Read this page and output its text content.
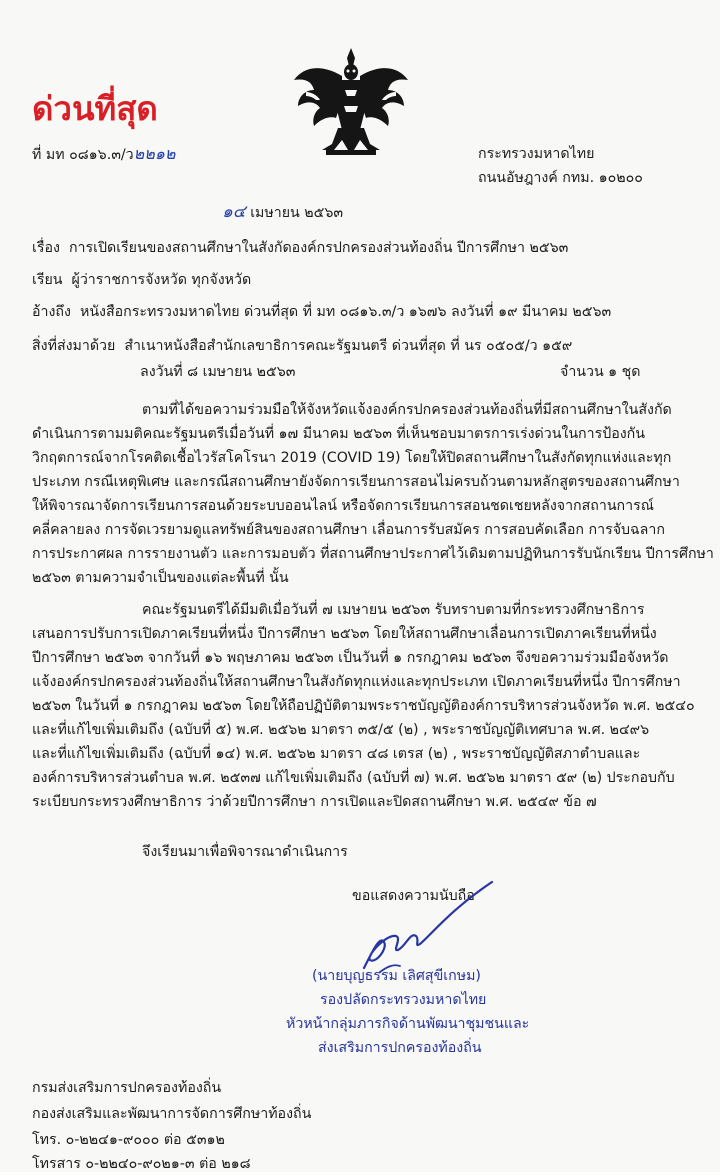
ด่วนที่สุด
ที่ มท ๐๘๑๖.๓/ว๒๒๑๒	กระทรวงมหาดไทย
ถนนอัษฎางค์ กทม. ๑๐๒๐๐
๑๔ เมษายน ๒๕๖๓
เรื่อง การเปิดเรียนของสถานศึกษาในสังกัดองค์กรปกครองส่วนท้องถิ่น ปีการศึกษา ๒๕๖๓
เรียน ผู้ว่าราชการจังหวัด ทุกจังหวัด
อ้างถึง หนังสือกระทรวงมหาดไทย ด่วนที่สุด ที่ มท ๐๘๑๖.๓/ว ๑๖๗๖ ลงวันที่ ๑๙ มีนาคม ๒๕๖๓
สิ่งที่ส่งมาด้วย สำเนาหนังสือสำนักเลขาธิการคณะรัฐมนตรี ด่วนที่สุด ที่ นร ๐๕๐๕/ว ๑๕๙
ลงวันที่ ๘ เมษายน ๒๕๖๓	จำนวน ๑ ชุด
ตามที่ได้ขอความร่วมมือให้จังหวัดแจ้งองค์กรปกครองส่วนท้องถิ่นที่มีสถานศึกษาในสังกัด
ดำเนินการตามมติคณะรัฐมนตรีเมื่อวันที่ ๑๗ มีนาคม ๒๕๖๓ ที่เห็นชอบมาตรการเร่งด่วนในการป้องกัน
วิกฤตการณ์จากโรคติดเชื้อไวรัสโคโรนา 2019 (COVID 19) โดยให้ปิดสถานศึกษาในสังกัดทุกแห่งและทุก
ประเภท กรณีเหตุพิเศษ และกรณีสถานศึกษายังจัดการเรียนการสอนไม่ครบถ้วนตามหลักสูตรของสถานศึกษา
ให้พิจารณาจัดการเรียนการสอนด้วยระบบออนไลน์ หรือจัดการเรียนการสอนชดเชยหลังจากสถานการณ์
คลี่คลายลง การจัดเวรยามดูแลทรัพย์สินของสถานศึกษา เลื่อนการรับสมัคร การสอบคัดเลือก การจับฉลาก
การประกาศผล การรายงานตัว และการมอบตัว ที่สถานศึกษาประกาศไว้เดิมตามปฏิทินการรับนักเรียน ปีการศึกษา
๒๕๖๓ ตามความจำเป็นของแต่ละพื้นที่ นั้น
คณะรัฐมนตรีได้มีมติเมื่อวันที่ ๗ เมษายน ๒๕๖๓ รับทราบตามที่กระทรวงศึกษาธิการ
เสนอการปรับการเปิดภาคเรียนที่หนึ่ง ปีการศึกษา ๒๕๖๓ โดยให้สถานศึกษาเลื่อนการเปิดภาคเรียนที่หนึ่ง
ปีการศึกษา ๒๕๖๓ จากวันที่ ๑๖ พฤษภาคม ๒๕๖๓ เป็นวันที่ ๑ กรกฎาคม ๒๕๖๓ จึงขอความร่วมมือจังหวัด
แจ้งองค์กรปกครองส่วนท้องถิ่นให้สถานศึกษาในสังกัดทุกแห่งและทุกประเภท เปิดภาคเรียนที่หนึ่ง ปีการศึกษา
๒๕๖๓ ในวันที่ ๑ กรกฎาคม ๒๕๖๓ โดยให้ถือปฏิบัติตามพระราชบัญญัติองค์การบริหารส่วนจังหวัด พ.ศ. ๒๕๔๐
และที่แก้ไขเพิ่มเติมถึง (ฉบับที่ ๕) พ.ศ. ๒๕๖๒ มาตรา ๓๕/๕ (๒) , พระราชบัญญัติเทศบาล พ.ศ. ๒๔๙๖
และที่แก้ไขเพิ่มเติมถึง (ฉบับที่ ๑๔) พ.ศ. ๒๕๖๒ มาตรา ๔๘ เตรส (๒) , พระราชบัญญัติสภาตำบลและ
องค์การบริหารส่วนตำบล พ.ศ. ๒๕๓๗ แก้ไขเพิ่มเติมถึง (ฉบับที่ ๗) พ.ศ. ๒๕๖๒ มาตรา ๕๙ (๒) ประกอบกับ
ระเบียบกระทรวงศึกษาธิการ ว่าด้วยปีการศึกษา การเปิดและปิดสถานศึกษา พ.ศ. ๒๕๔๙ ข้อ ๗
จึงเรียนมาเพื่อพิจารณาดำเนินการ
ขอแสดงความนับถือ
(นายบุญธรรม เลิศสุขีเกษม)
รองปลัดกระทรวงมหาดไทย
หัวหน้ากลุ่มภารกิจด้านพัฒนาชุมชนและ
ส่งเสริมการปกครองท้องถิ่น
กรมส่งเสริมการปกครองท้องถิ่น
กองส่งเสริมและพัฒนาการจัดการศึกษาท้องถิ่น
โทร. ๐-๒๒๔๑-๙๐๐๐ ต่อ ๕๓๑๒
โทรสาร ๐-๒๒๔๐-๙๐๒๑-๓ ต่อ ๒๑๘
